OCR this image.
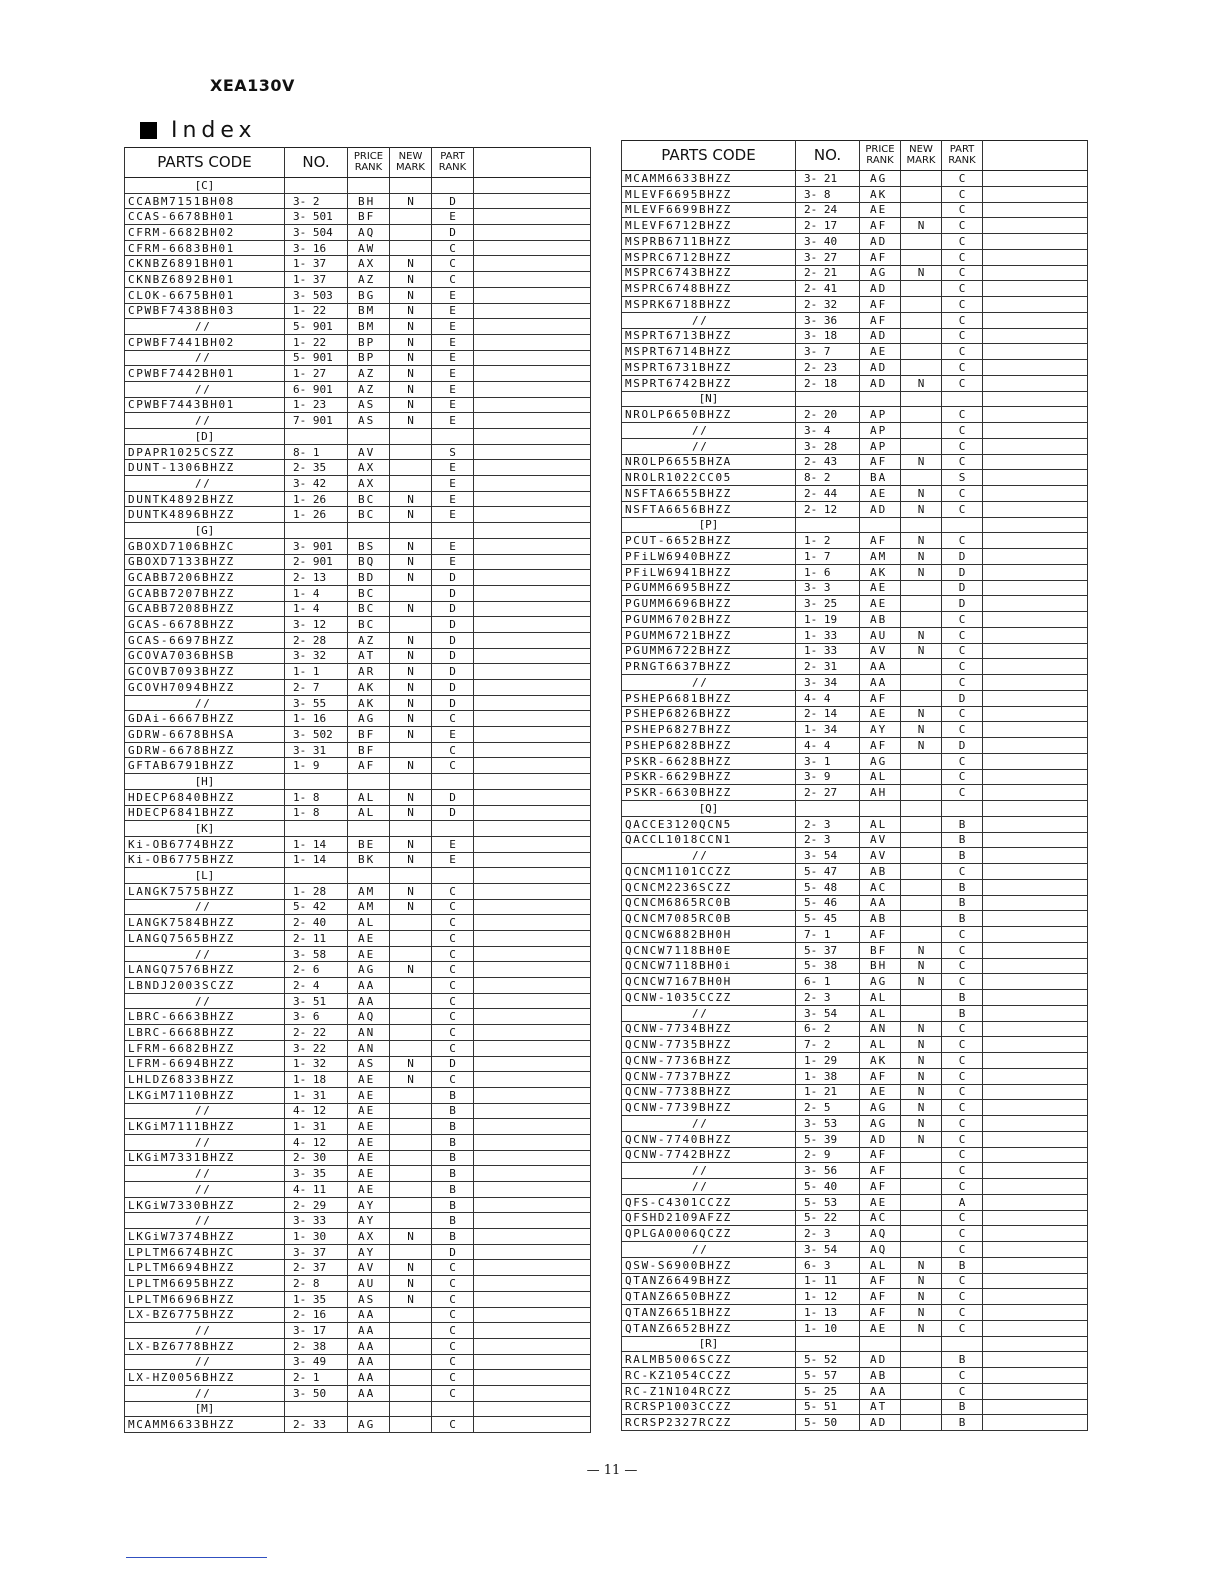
XEA130V
Index
PARTS CODE	NO.	PRICE RANK	NEW MARK	PART RANK	
[C]					
CCABM7151BH08	3- 2	BH	N	D	
CCAS-6678BH01	3- 501	BF		E	
CFRM-6682BH02	3- 504	AQ		D	
CFRM-6683BH01	3- 16	AW		C	
CKNBZ6891BH01	1- 37	AX	N	C	
CKNBZ6892BH01	1- 37	AZ	N	C	
CLOK-6675BH01	3- 503	BG	N	E	
CPWBF7438BH03	1- 22	BM	N	E	
//	5- 901	BM	N	E	
CPWBF7441BH02	1- 22	BP	N	E	
//	5- 901	BP	N	E	
CPWBF7442BH01	1- 27	AZ	N	E	
//	6- 901	AZ	N	E	
CPWBF7443BH01	1- 23	AS	N	E	
//	7- 901	AS	N	E	
[D]					
DPAPR1025CSZZ	8- 1	AV		S	
DUNT-1306BHZZ	2- 35	AX		E	
//	3- 42	AX		E	
DUNTK4892BHZZ	1- 26	BC	N	E	
DUNTK4896BHZZ	1- 26	BC	N	E	
[G]					
GBOXD7106BHZC	3- 901	BS	N	E	
GBOXD7133BHZZ	2- 901	BQ	N	E	
GCABB7206BHZZ	2- 13	BD	N	D	
GCABB7207BHZZ	1- 4	BC		D	
GCABB7208BHZZ	1- 4	BC	N	D	
GCAS-6678BHZZ	3- 12	BC		D	
GCAS-6697BHZZ	2- 28	AZ	N	D	
GCOVA7036BHSB	3- 32	AT	N	D	
GCOVB7093BHZZ	1- 1	AR	N	D	
GCOVH7094BHZZ	2- 7	AK	N	D	
//	3- 55	AK	N	D	
GDAi-6667BHZZ	1- 16	AG	N	C	
GDRW-6678BHSA	3- 502	BF	N	E	
GDRW-6678BHZZ	3- 31	BF		C	
GFTAB6791BHZZ	1- 9	AF	N	C	
[H]					
HDECP6840BHZZ	1- 8	AL	N	D	
HDECP6841BHZZ	1- 8	AL	N	D	
[K]					
Ki-OB6774BHZZ	1- 14	BE	N	E	
Ki-OB6775BHZZ	1- 14	BK	N	E	
[L]					
LANGK7575BHZZ	1- 28	AM	N	C	
//	5- 42	AM	N	C	
LANGK7584BHZZ	2- 40	AL		C	
LANGQ7565BHZZ	2- 11	AE		C	
//	3- 58	AE		C	
LANGQ7576BHZZ	2- 6	AG	N	C	
LBNDJ2003SCZZ	2- 4	AA		C	
//	3- 51	AA		C	
LBRC-6663BHZZ	3- 6	AQ		C	
LBRC-6668BHZZ	2- 22	AN		C	
LFRM-6682BHZZ	3- 22	AN		C	
LFRM-6694BHZZ	1- 32	AS	N	D	
LHLDZ6833BHZZ	1- 18	AE	N	C	
LKGiM7110BHZZ	1- 31	AE		B	
//	4- 12	AE		B	
LKGiM7111BHZZ	1- 31	AE		B	
//	4- 12	AE		B	
LKGiM7331BHZZ	2- 30	AE		B	
//	3- 35	AE		B	
//	4- 11	AE		B	
LKGiW7330BHZZ	2- 29	AY		B	
//	3- 33	AY		B	
LKGiW7374BHZZ	1- 30	AX	N	B	
LPLTM6674BHZC	3- 37	AY		D	
LPLTM6694BHZZ	2- 37	AV	N	C	
LPLTM6695BHZZ	2- 8	AU	N	C	
LPLTM6696BHZZ	1- 35	AS	N	C	
LX-BZ6775BHZZ	2- 16	AA		C	
//	3- 17	AA		C	
LX-BZ6778BHZZ	2- 38	AA		C	
//	3- 49	AA		C	
LX-HZ0056BHZZ	2- 1	AA		C	
//	3- 50	AA		C	
[M]					
MCAMM6633BHZZ	2- 33	AG		C	
PARTS CODE	NO.	PRICE RANK	NEW MARK	PART RANK	
MCAMM6633BHZZ	3- 21	AG		C	
MLEVF6695BHZZ	3- 8	AK		C	
MLEVF6699BHZZ	2- 24	AE		C	
MLEVF6712BHZZ	2- 17	AF	N	C	
MSPRB6711BHZZ	3- 40	AD		C	
MSPRC6712BHZZ	3- 27	AF		C	
MSPRC6743BHZZ	2- 21	AG	N	C	
MSPRC6748BHZZ	2- 41	AD		C	
MSPRK6718BHZZ	2- 32	AF		C	
//	3- 36	AF		C	
MSPRT6713BHZZ	3- 18	AD		C	
MSPRT6714BHZZ	3- 7	AE		C	
MSPRT6731BHZZ	2- 23	AD		C	
MSPRT6742BHZZ	2- 18	AD	N	C	
[N]					
NROLP6650BHZZ	2- 20	AP		C	
//	3- 4	AP		C	
//	3- 28	AP		C	
NROLP6655BHZA	2- 43	AF	N	C	
NROLR1022CC05	8- 2	BA		S	
NSFTA6655BHZZ	2- 44	AE	N	C	
NSFTA6656BHZZ	2- 12	AD	N	C	
[P]					
PCUT-6652BHZZ	1- 2	AF	N	C	
PFiLW6940BHZZ	1- 7	AM	N	D	
PFiLW6941BHZZ	1- 6	AK	N	D	
PGUMM6695BHZZ	3- 3	AE		D	
PGUMM6696BHZZ	3- 25	AE		D	
PGUMM6702BHZZ	1- 19	AB		C	
PGUMM6721BHZZ	1- 33	AU	N	C	
PGUMM6722BHZZ	1- 33	AV	N	C	
PRNGT6637BHZZ	2- 31	AA		C	
//	3- 34	AA		C	
PSHEP6681BHZZ	4- 4	AF		D	
PSHEP6826BHZZ	2- 14	AE	N	C	
PSHEP6827BHZZ	1- 34	AY	N	C	
PSHEP6828BHZZ	4- 4	AF	N	D	
PSKR-6628BHZZ	3- 1	AG		C	
PSKR-6629BHZZ	3- 9	AL		C	
PSKR-6630BHZZ	2- 27	AH		C	
[Q]					
QACCE3120QCN5	2- 3	AL		B	
QACCL1018CCN1	2- 3	AV		B	
//	3- 54	AV		B	
QCNCM1101CCZZ	5- 47	AB		C	
QCNCM2236SCZZ	5- 48	AC		B	
QCNCM6865RC0B	5- 46	AA		B	
QCNCM7085RC0B	5- 45	AB		B	
QCNCW6882BH0H	7- 1	AF		C	
QCNCW7118BH0E	5- 37	BF	N	C	
QCNCW7118BH0i	5- 38	BH	N	C	
QCNCW7167BH0H	6- 1	AG	N	C	
QCNW-1035CCZZ	2- 3	AL		B	
//	3- 54	AL		B	
QCNW-7734BHZZ	6- 2	AN	N	C	
QCNW-7735BHZZ	7- 2	AL	N	C	
QCNW-7736BHZZ	1- 29	AK	N	C	
QCNW-7737BHZZ	1- 38	AF	N	C	
QCNW-7738BHZZ	1- 21	AE	N	C	
QCNW-7739BHZZ	2- 5	AG	N	C	
//	3- 53	AG	N	C	
QCNW-7740BHZZ	5- 39	AD	N	C	
QCNW-7742BHZZ	2- 9	AF		C	
//	3- 56	AF		C	
//	5- 40	AF		C	
QFS-C4301CCZZ	5- 53	AE		A	
QFSHD2109AFZZ	5- 22	AC		C	
QPLGA0006QCZZ	2- 3	AQ		C	
//	3- 54	AQ		C	
QSW-S6900BHZZ	6- 3	AL	N	B	
QTANZ6649BHZZ	1- 11	AF	N	C	
QTANZ6650BHZZ	1- 12	AF	N	C	
QTANZ6651BHZZ	1- 13	AF	N	C	
QTANZ6652BHZZ	1- 10	AE	N	C	
[R]					
RALMB5006SCZZ	5- 52	AD		B	
RC-KZ1054CCZZ	5- 57	AB		C	
RC-Z1N104RCZZ	5- 25	AA		C	
RCRSP1003CCZZ	5- 51	AT		B	
RCRSP2327RCZZ	5- 50	AD		B	
— 11 —
